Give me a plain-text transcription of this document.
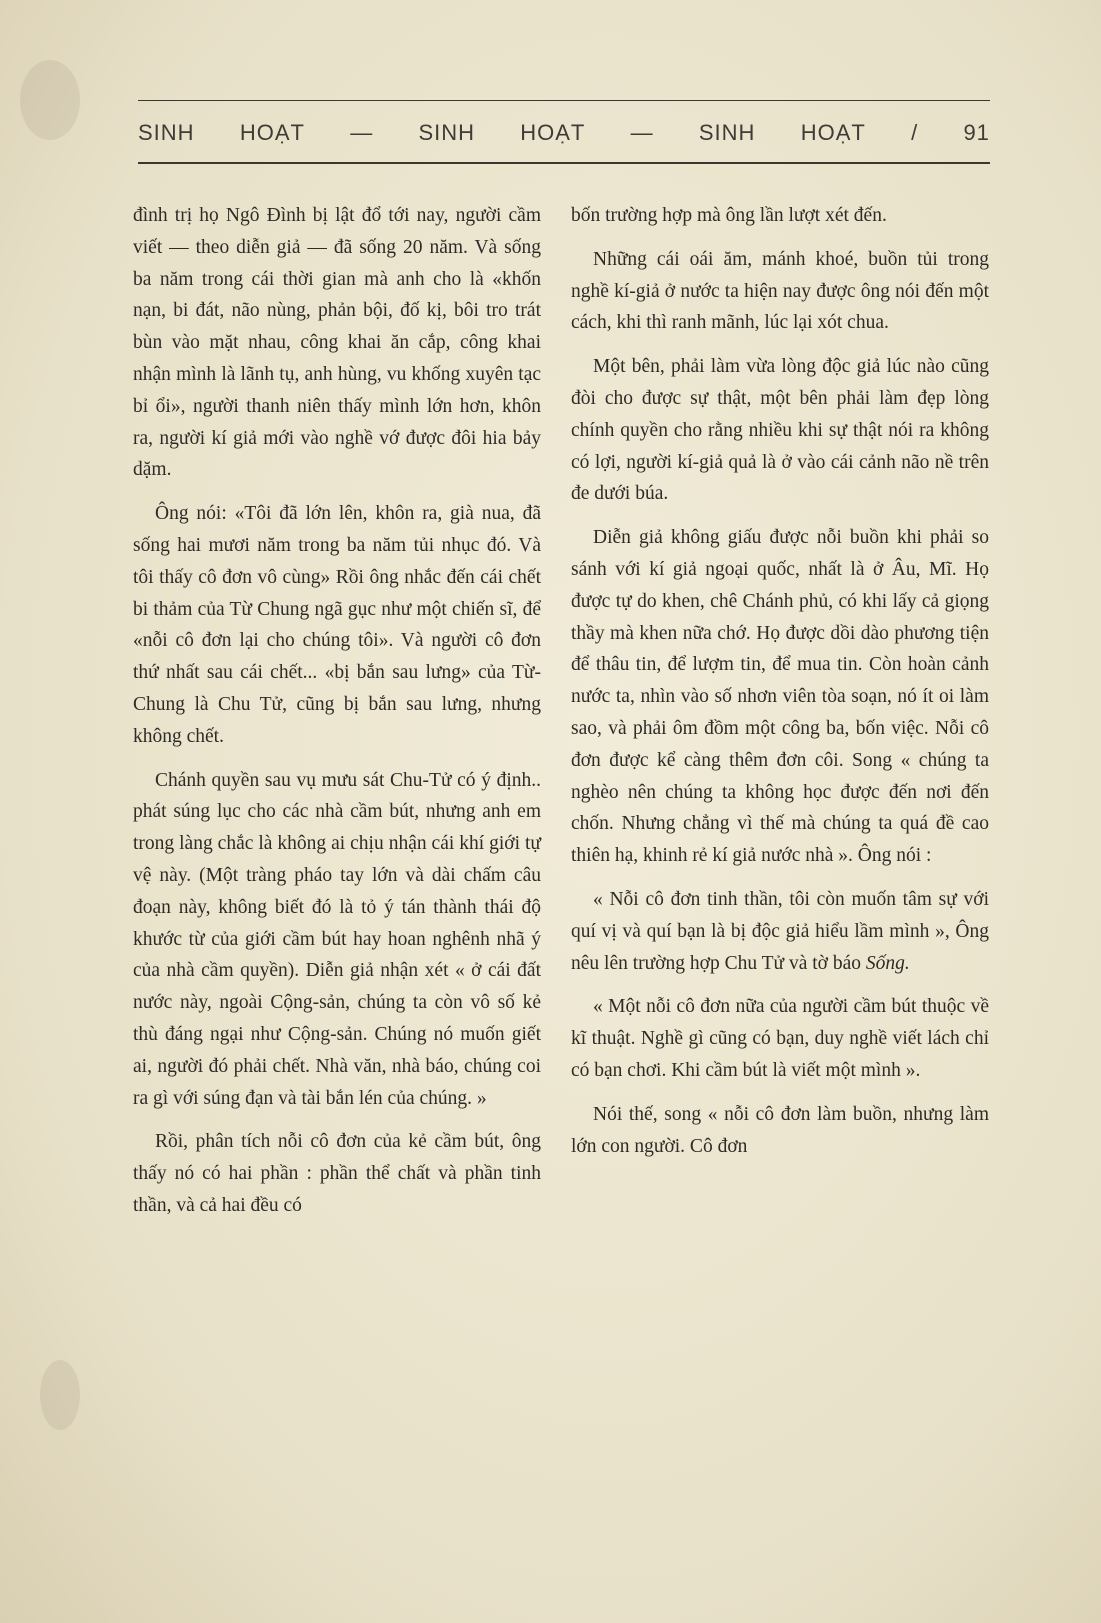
SINH HOẠT — SINH HOẠT — SINH HOẠT / 91

đình trị họ Ngô Đình bị lật đổ tới nay, người cầm viết — theo diễn giả — đã sống 20 năm. Và sống ba năm trong cái thời gian mà anh cho là «khốn nạn, bi đát, não nùng, phản bội, đố kị, bôi tro trát bùn vào mặt nhau, công khai ăn cắp, công khai nhận mình là lãnh tụ, anh hùng, vu khống xuyên tạc bỉ ổi», người thanh niên thấy mình lớn hơn, khôn ra, người kí giả mới vào nghề vớ được đôi hia bảy dặm.

Ông nói: «Tôi đã lớn lên, khôn ra, già nua, đã sống hai mươi năm trong ba năm tủi nhục đó. Và tôi thấy cô đơn vô cùng» Rồi ông nhắc đến cái chết bi thảm của Từ Chung ngã gục như một chiến sĩ, để «nỗi cô đơn lại cho chúng tôi». Và người cô đơn thứ nhất sau cái chết... «bị bắn sau lưng» của Từ-Chung là Chu Tử, cũng bị bắn sau lưng, nhưng không chết.

Chánh quyền sau vụ mưu sát Chu-Tử có ý định.. phát súng lục cho các nhà cầm bút, nhưng anh em trong làng chắc là không ai chịu nhận cái khí giới tự vệ này. (Một tràng pháo tay lớn và dài chấm câu đoạn này, không biết đó là tỏ ý tán thành thái độ khước từ của giới cầm bút hay hoan nghênh nhã ý của nhà cầm quyền). Diễn giả nhận xét « ở cái đất nước này, ngoài Cộng-sản, chúng ta còn vô số kẻ thù đáng ngại như Cộng-sản. Chúng nó muốn giết ai, người đó phải chết. Nhà văn, nhà báo, chúng coi ra gì với súng đạn và tài bắn lén của chúng. »

Rồi, phân tích nỗi cô đơn của kẻ cầm bút, ông thấy nó có hai phần : phần thể chất và phần tinh thần, và cả hai đều có

bốn trường hợp mà ông lần lượt xét đến.

Những cái oái ăm, mánh khoé, buồn tủi trong nghề kí-giả ở nước ta hiện nay được ông nói đến một cách, khi thì ranh mãnh, lúc lại xót chua.

Một bên, phải làm vừa lòng độc giả lúc nào cũng đòi cho được sự thật, một bên phải làm đẹp lòng chính quyền cho rằng nhiều khi sự thật nói ra không có lợi, người kí-giả quả là ở vào cái cảnh não nề trên đe dưới búa.

Diễn giả không giấu được nỗi buồn khi phải so sánh với kí giả ngoại quốc, nhất là ở Âu, Mĩ. Họ được tự do khen, chê Chánh phủ, có khi lấy cả giọng thầy mà khen nữa chớ. Họ được dồi dào phương tiện để thâu tin, để lượm tin, để mua tin. Còn hoàn cảnh nước ta, nhìn vào số nhơn viên tòa soạn, nó ít oi làm sao, và phải ôm đồm một công ba, bốn việc. Nỗi cô đơn được kể càng thêm đơn côi. Song « chúng ta nghèo nên chúng ta không học được đến nơi đến chốn. Nhưng chẳng vì thế mà chúng ta quá đề cao thiên hạ, khinh rẻ kí giả nước nhà ». Ông nói :

« Nỗi cô đơn tinh thần, tôi còn muốn tâm sự với quí vị và quí bạn là bị độc giả hiểu lầm mình », Ông nêu lên trường hợp Chu Tử và tờ báo Sống.

« Một nỗi cô đơn nữa của người cầm bút thuộc về kĩ thuật. Nghề gì cũng có bạn, duy nghề viết lách chỉ có bạn chơi. Khi cầm bút là viết một mình ».

Nói thế, song « nỗi cô đơn làm buồn, nhưng làm lớn con người. Cô đơn
